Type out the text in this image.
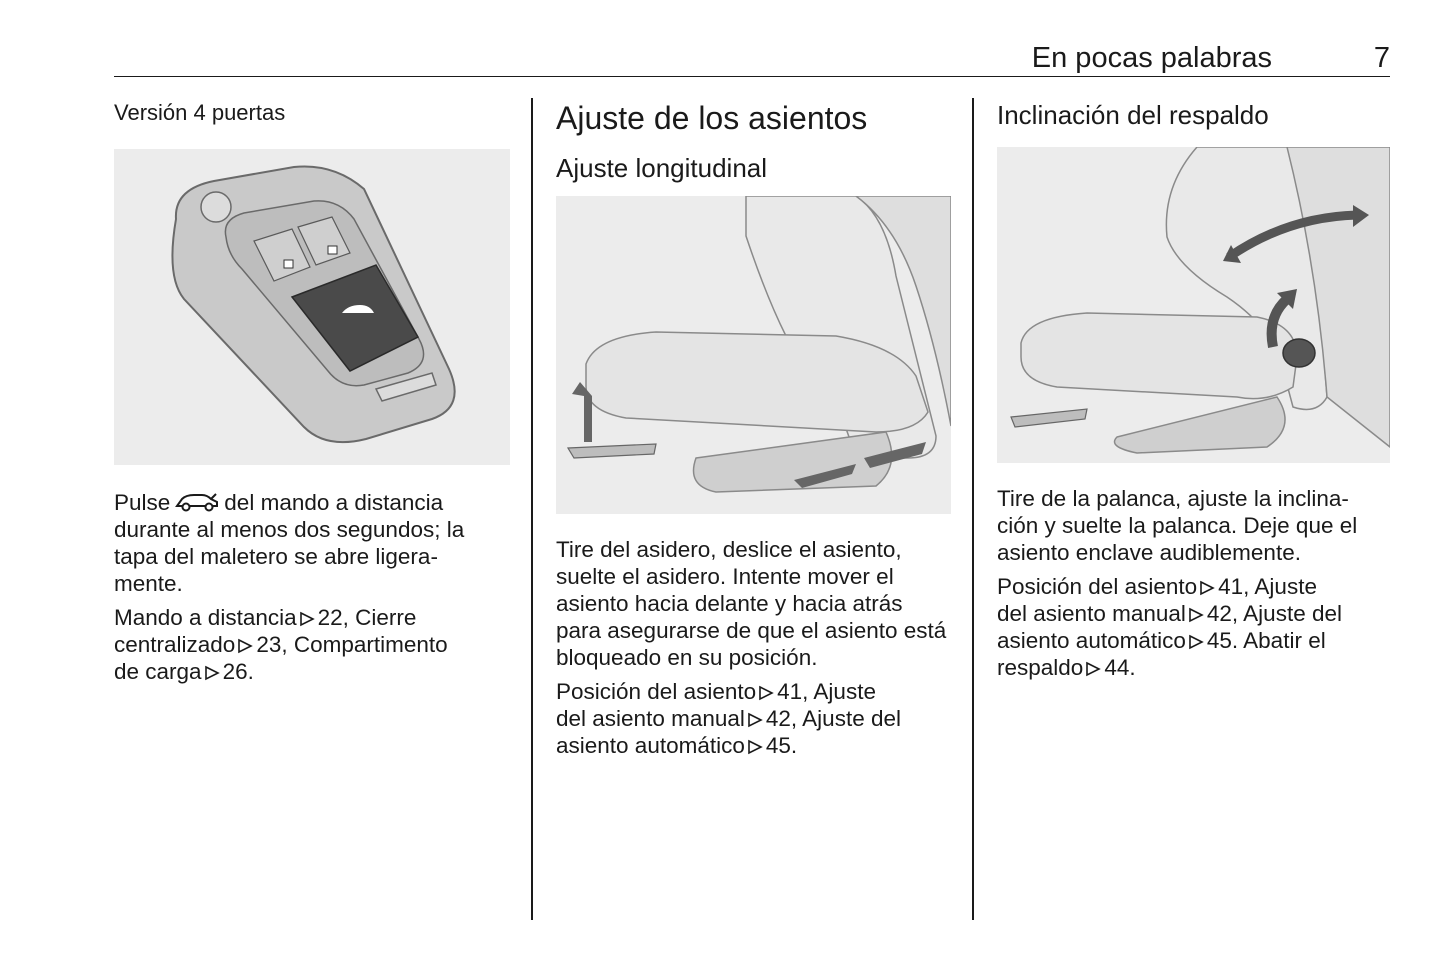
En pocas palabras	7
Versión 4 puertas

Pulse del mando a distancia durante al menos dos segundos; la tapa del maletero se abre ligera‑ mente.

Mando a distancia 22, Cierre
centralizado 23, Compartimento
de carga 26.

Ajuste de los asientos
Ajuste longitudinal

Tire del asidero, deslice el asiento, suelte el asidero. Intente mover el asiento hacia delante y hacia atrás para asegurarse de que el asiento está bloqueado en su posición.

Posición del asiento 41, Ajuste
del asiento manual 42, Ajuste del
asiento automático 45.

Inclinación del respaldo

Tire de la palanca, ajuste la inclina‑ ción y suelte la palanca. Deje que el asiento enclave audiblemente.

Posición del asiento 41, Ajuste
del asiento manual 42, Ajuste del
asiento automático 45. Abatir el
respaldo 44.
